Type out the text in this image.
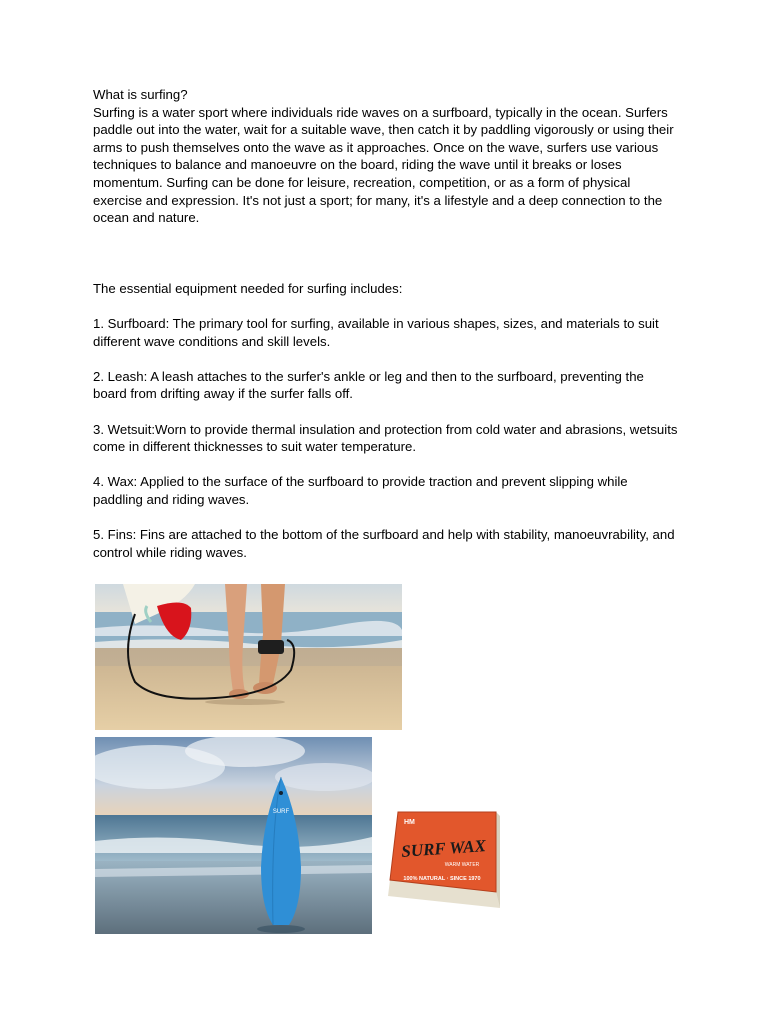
What is surfing?

Surfing is a water sport where individuals ride waves on a surfboard, typically in the ocean. Surfers paddle out into the water, wait for a suitable wave, then catch it by paddling vigorously or using their arms to push themselves onto the wave as it approaches. Once on the wave, surfers use various techniques to balance and manoeuvre on the board, riding the wave until it breaks or loses momentum. Surfing can be done for leisure, recreation, competition, or as a form of physical exercise and expression. It's not just a sport; for many, it's a lifestyle and a deep connection to the ocean and nature.

The essential equipment needed for surfing includes:

1. Surfboard: The primary tool for surfing, available in various shapes, sizes, and materials to suit different wave conditions and skill levels.

2. Leash: A leash attaches to the surfer's ankle or leg and then to the surfboard, preventing the board from drifting away if the surfer falls off.

3. Wetsuit:Worn to provide thermal insulation and protection from cold water and abrasions, wetsuits come in different thicknesses to suit water temperature.

4. Wax: Applied to the surface of the surfboard to provide traction and prevent slipping while paddling and riding waves.

5. Fins: Fins are attached to the bottom of the surfboard and help with stability, manoeuvrability, and control while riding waves.

SURF
HM
SURF WAX
WARM WATER
100% NATURAL · SINCE 1970
